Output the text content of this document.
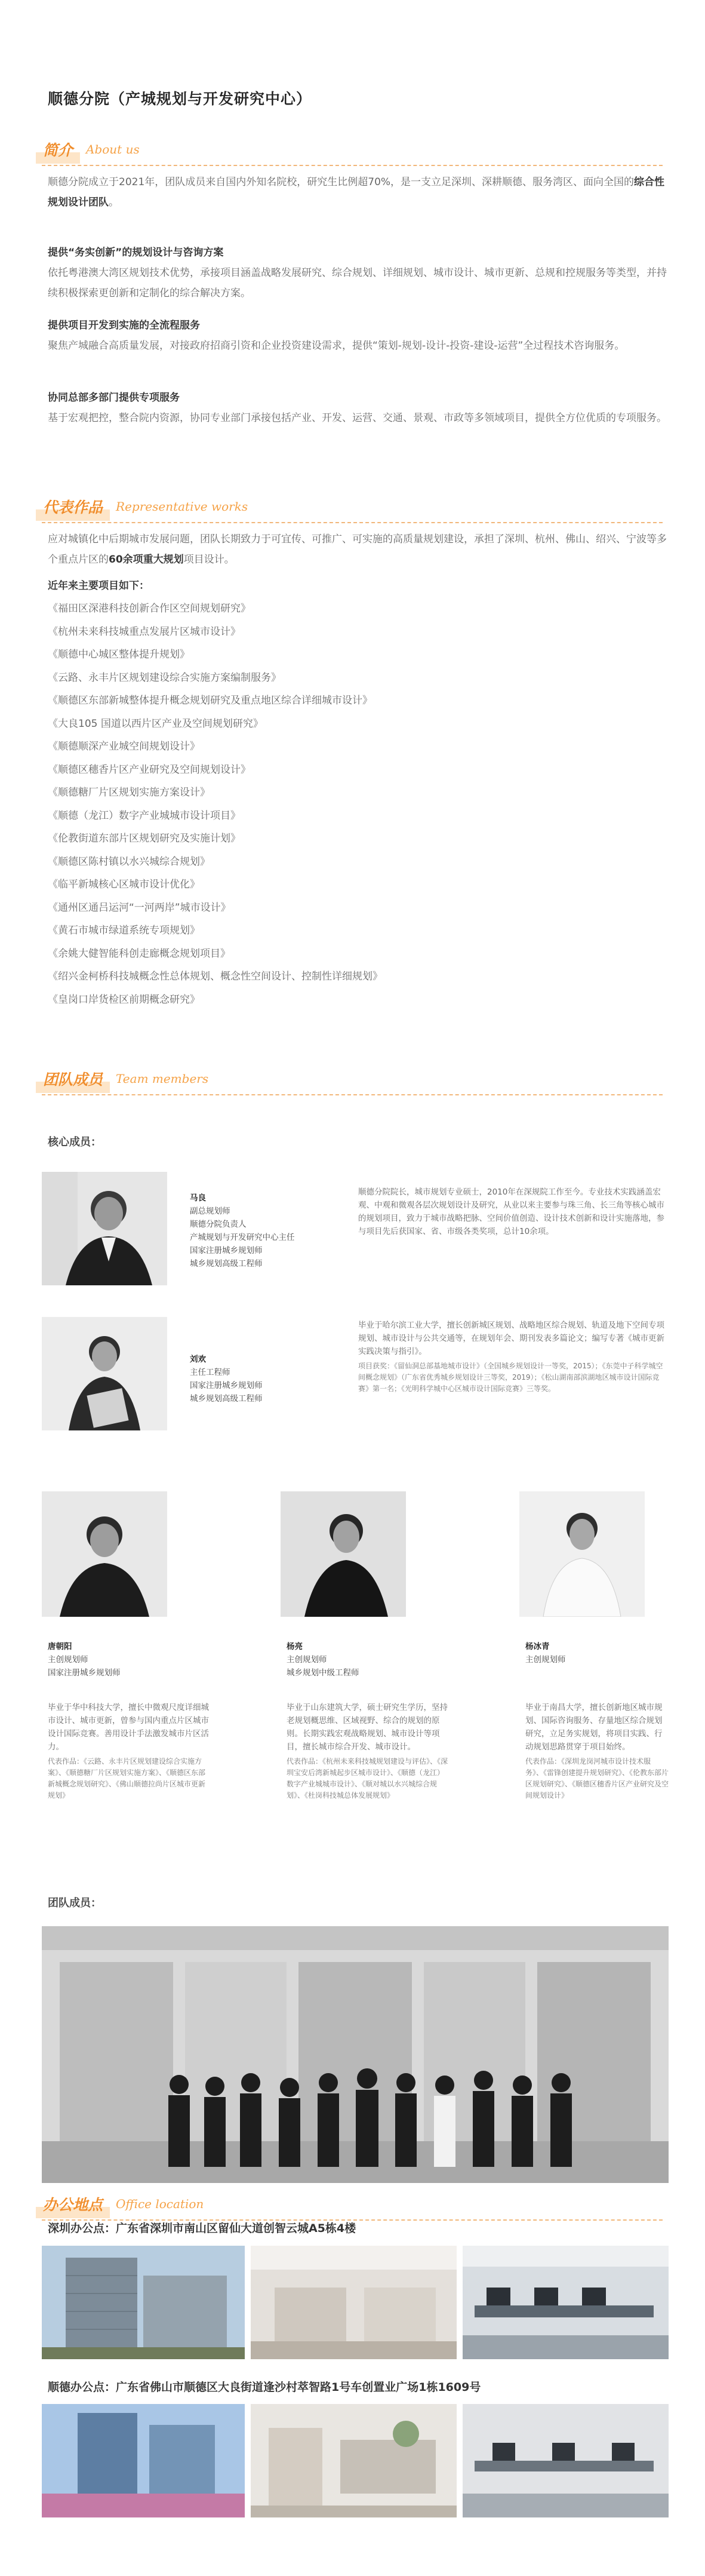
顺德分院（产城规划与开发研究中心）
简介	About us
顺德分院成立于2021年，团队成员来自国内外知名院校，研究生比例超70%，是一支立足深圳、深耕顺德、服务湾区、面向全国的综合性规划设计团队。
提供“务实创新”的规划设计与咨询方案
依托粤港澳大湾区规划技术优势，承接项目涵盖战略发展研究、综合规划、详细规划、城市设计、城市更新、总规和控规服务等类型，并持续积极探索更创新和定制化的综合解决方案。
提供项目开发到实施的全流程服务
聚焦产城融合高质量发展，对接政府招商引资和企业投资建设需求，提供“策划-规划-设计-投资-建设-运营”全过程技术咨询服务。
协同总部多部门提供专项服务
基于宏观把控，整合院内资源，协同专业部门承接包括产业、开发、运营、交通、景观、市政等多领域项目，提供全方位优质的专项服务。
代表作品	Representative works
应对城镇化中后期城市发展问题，团队长期致力于可宜传、可推广、可实施的高质量规划建设，承担了深圳、杭州、佛山、绍兴、宁波等多个重点片区的60余项重大规划项目设计。
近年来主要项目如下：
《福田区深港科技创新合作区空间规划研究》
《杭州未来科技城重点发展片区城市设计》
《顺德中心城区整体提升规划》
《云路、永丰片区规划建设综合实施方案编制服务》
《顺德区东部新城整体提升概念规划研究及重点地区综合详细城市设计》
《大良105 国道以西片区产业及空间规划研究》
《顺德顺深产业城空间规划设计》
《顺德区穗香片区产业研究及空间规划设计》
《顺德糖厂片区规划实施方案设计》
《顺德（龙江）数字产业城城市设计项目》
《伦教街道东部片区规划研究及实施计划》
《顺德区陈村镇以水兴城综合规划》
《临平新城核心区城市设计优化》
《通州区通吕运河“一河两岸”城市设计》
《黄石市城市绿道系统专项规划》
《余姚大健智能科创走廊概念规划项目》
《绍兴金柯桥科技城概念性总体规划、概念性空间设计、控制性详细规划》
《皇岗口岸货检区前期概念研究》
团队成员	Team members
核心成员：
马良
副总规划师
顺德分院负责人
产城规划与开发研究中心主任
国家注册城乡规划师
城乡规划高级工程师
顺德分院院长，城市规划专业硕士，2010年在深规院工作至今。专业技术实践涵盖宏观、中观和微观各层次规划设计及研究，从业以来主要参与珠三角、长三角等核心城市的规划项目，致力于城市战略把脉、空间价值创造、设计技术创新和设计实施落地，参与项目先后获国家、省、市级各类奖项，总计10余项。
刘欢
主任工程师
国家注册城乡规划师
城乡规划高级工程师
毕业于哈尔滨工业大学，擅长创新城区规划、战略地区综合规划、轨道及地下空间专项规划、城市设计与公共交通等，在规划年会、期刊发表多篇论文；编写专著《城市更新实践决策与指引》。
项目获奖：《留仙洞总部基地城市设计》（全国城乡规划设计一等奖，2015）；《东莞中子科学城空间概念规划》（广东省优秀城乡规划设计三等奖，2019）；《松山湖南部滨湖地区城市设计国际竞赛》第一名；《光明科学城中心区城市设计国际竞赛》三等奖。
唐朝阳
主创规划师
国家注册城乡规划师
杨亮
主创规划师
城乡规划中级工程师
杨冰青
主创规划师
毕业于华中科技大学，擅长中微观尺度详细城市设计、城市更新，曾参与国内重点片区城市设计国际竞赛。善用设计手法激发城市片区活力。
代表作品：《云路、永丰片区规划建设综合实施方案》、《顺德糖厂片区规划实施方案》、《顺德区东部新城概念规划研究》、《佛山顺德拉尚片区城市更新规划》
毕业于山东建筑大学，硕士研究生学历，坚持老规划概思维、区域视野、综合的规划的原则。长期实践宏观战略规划、城市设计等项目，擅长城市综合开发、城市设计。
代表作品：《杭州未来科技城规划建设与评估》、《深圳宝安后湾新城起步区城市设计》、《顺德（龙江）数字产业城城市设计》、《顺对城以水兴城综合规划》、《杜岗科技城总体发展规划》
毕业于南昌大学，擅长创新地区城市规划、国际咨询服务、存量地区综合规划研究，立足务实规划，将项目实践、行动规划思路贯穿于项目始终。
代表作品：《深圳龙岗河城市设计技术服务》、《雷锋创建提升规划研究》、《伦教东部片区规划研究》、《顺德区穗香片区产业研究及空间规划设计》
团队成员：
办公地点	Office location
深圳办公点：广东省深圳市南山区留仙大道创智云城A5栋4楼
顺德办公点：广东省佛山市顺德区大良街道逢沙村萃智路1号车创置业广场1栋1609号
